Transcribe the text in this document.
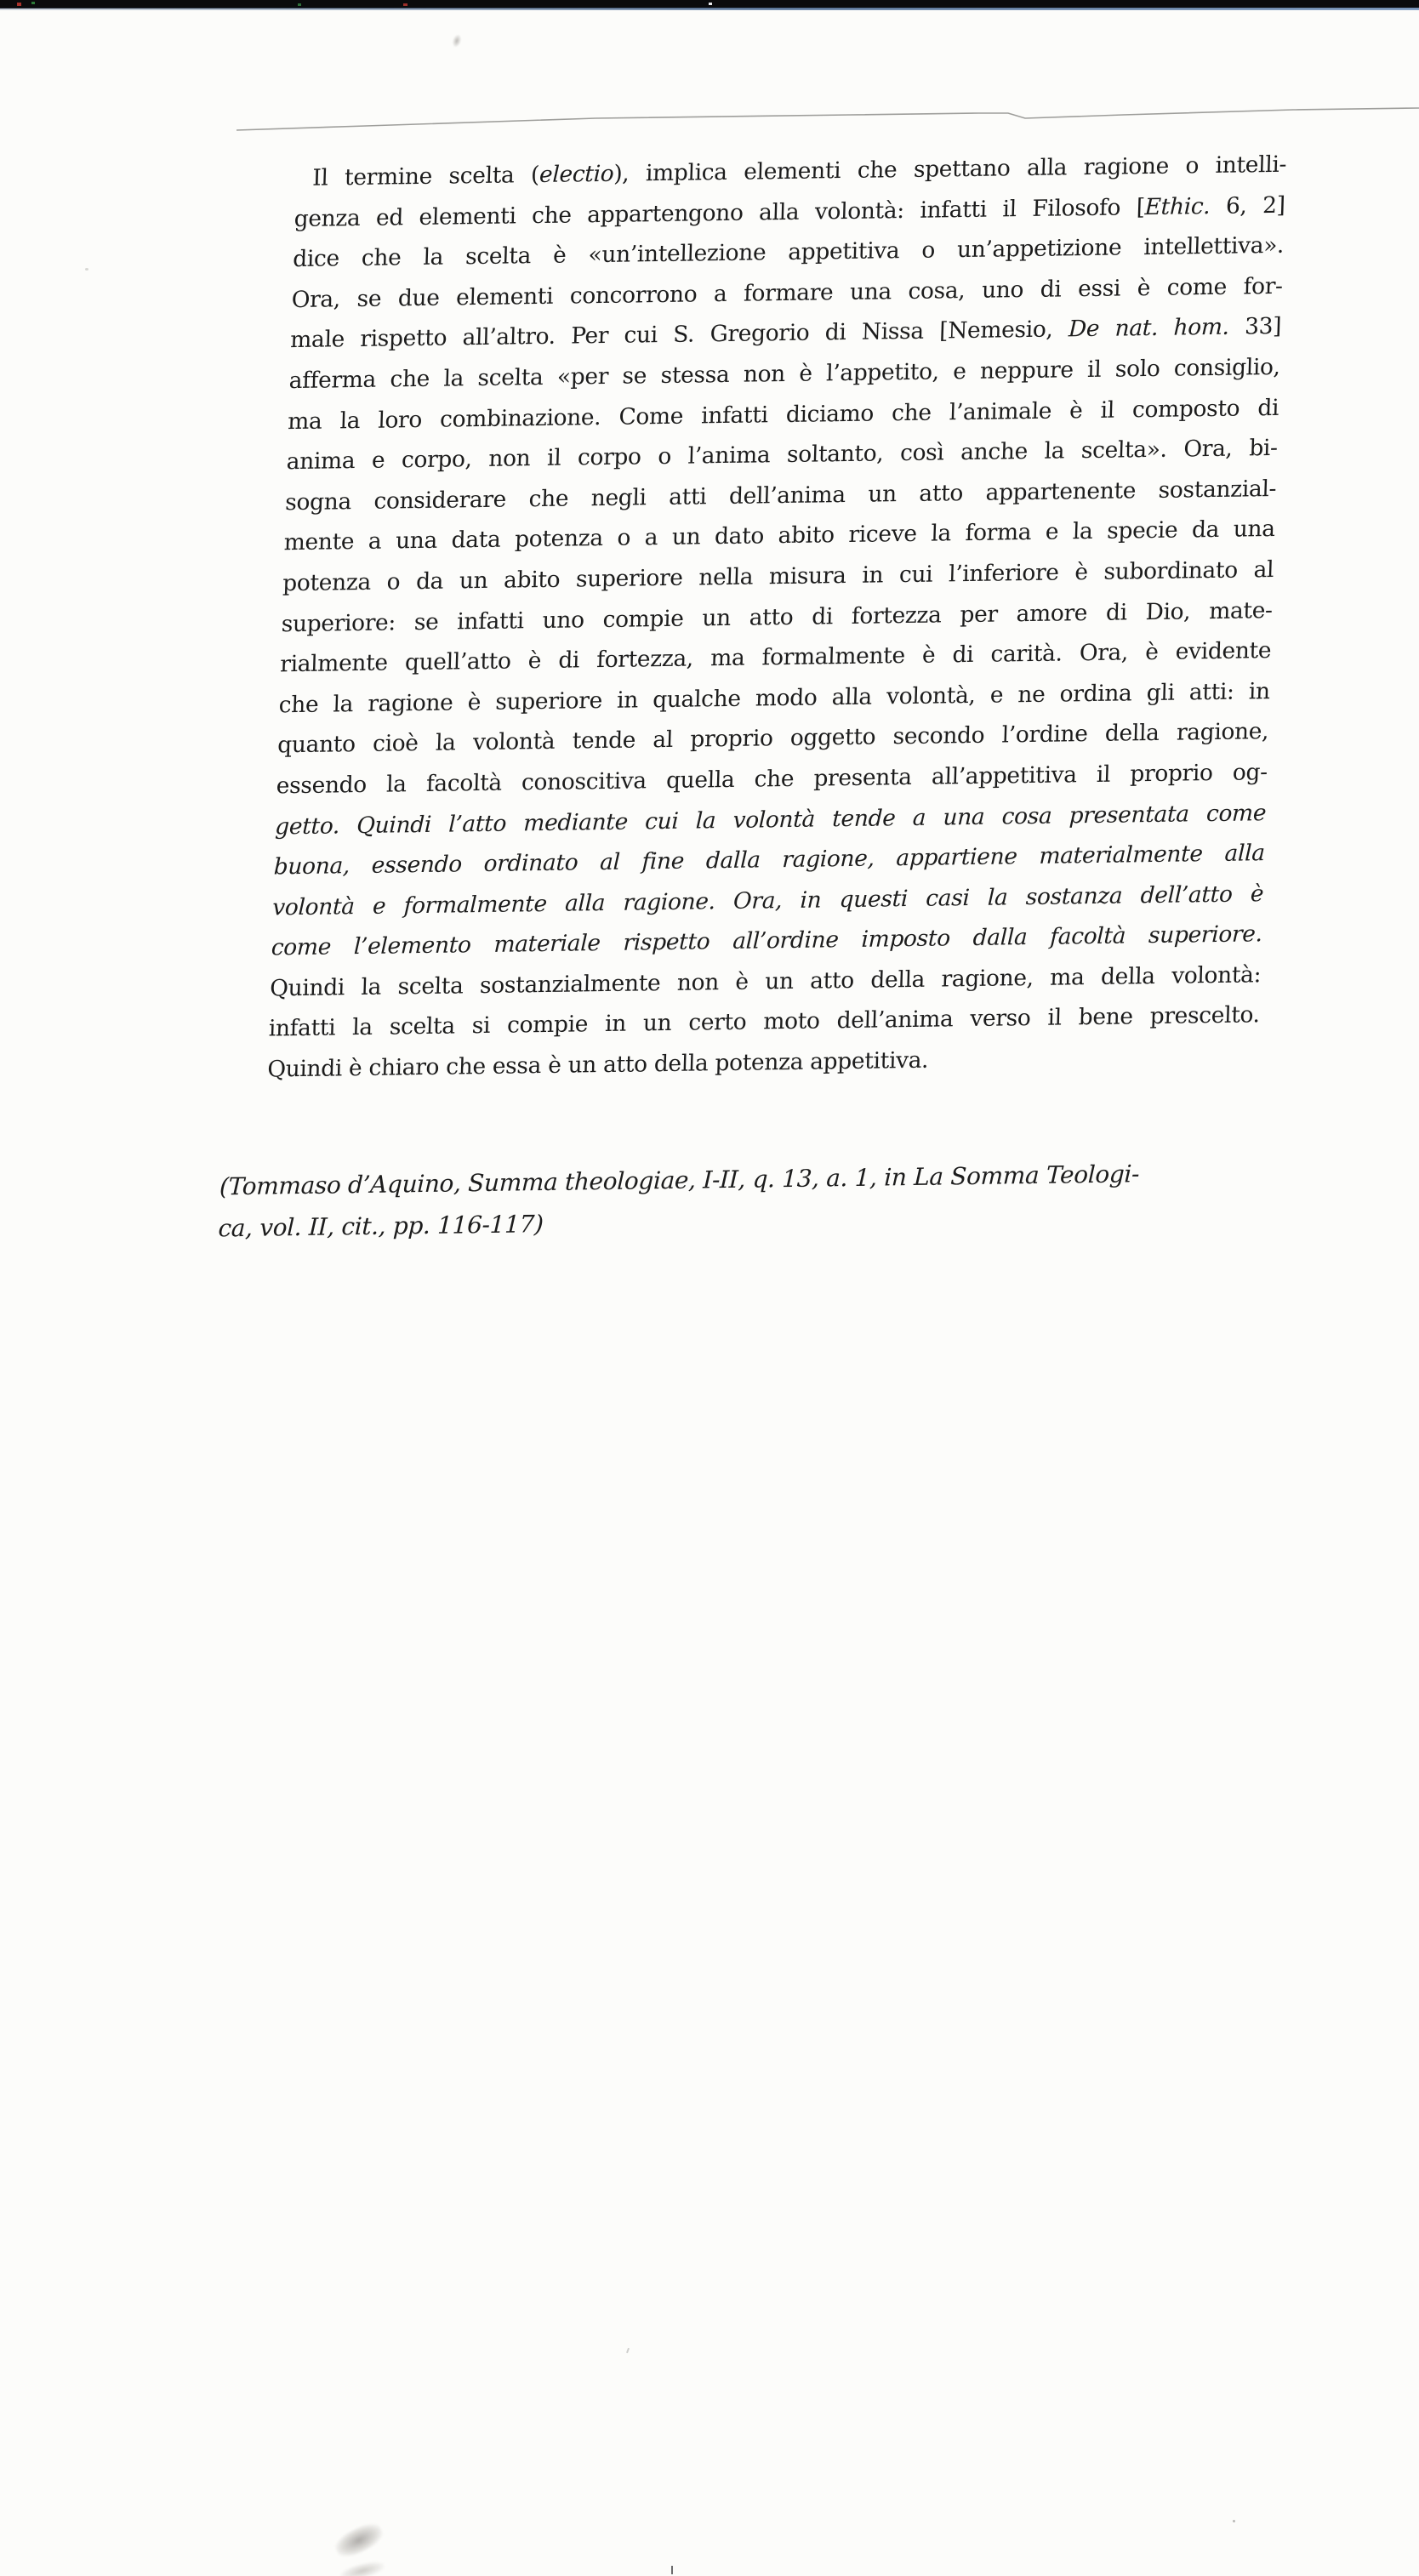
Il termine scelta (electio), implica elementi che spettano alla ragione o intelli-
genza ed elementi che appartengono alla volontà: infatti il Filosofo [Ethic. 6, 2]
dice che la scelta è «un’intellezione appetitiva o un’appetizione intellettiva».
Ora, se due elementi concorrono a formare una cosa, uno di essi è come for-
male rispetto all’altro. Per cui S. Gregorio di Nissa [Nemesio, De nat. hom. 33]
afferma che la scelta «per se stessa non è l’appetito, e neppure il solo consiglio,
ma la loro combinazione. Come infatti diciamo che l’animale è il composto di
anima e corpo, non il corpo o l’anima soltanto, così anche la scelta». Ora, bi-
sogna considerare che negli atti dell’anima un atto appartenente sostanzial-
mente a una data potenza o a un dato abito riceve la forma e la specie da una
potenza o da un abito superiore nella misura in cui l’inferiore è subordinato al
superiore: se infatti uno compie un atto di fortezza per amore di Dio, mate-
rialmente quell’atto è di fortezza, ma formalmente è di carità. Ora, è evidente
che la ragione è superiore in qualche modo alla volontà, e ne ordina gli atti: in
quanto cioè la volontà tende al proprio oggetto secondo l’ordine della ragione,
essendo la facoltà conoscitiva quella che presenta all’appetitiva il proprio og-
getto. Quindi l’atto mediante cui la volontà tende a una cosa presentata come
buona, essendo ordinato al fine dalla ragione, appartiene materialmente alla
volontà e formalmente alla ragione. Ora, in questi casi la sostanza dell’atto è
come l’elemento materiale rispetto all’ordine imposto dalla facoltà superiore.
Quindi la scelta sostanzialmente non è un atto della ragione, ma della volontà:
infatti la scelta si compie in un certo moto dell’anima verso il bene prescelto.
Quindi è chiaro che essa è un atto della potenza appetitiva.
(Tommaso d’Aquino, Summa theologiae, I-II, q. 13, a. 1, in La Somma Teologi-
ca, vol. II, cit., pp. 116-117)
